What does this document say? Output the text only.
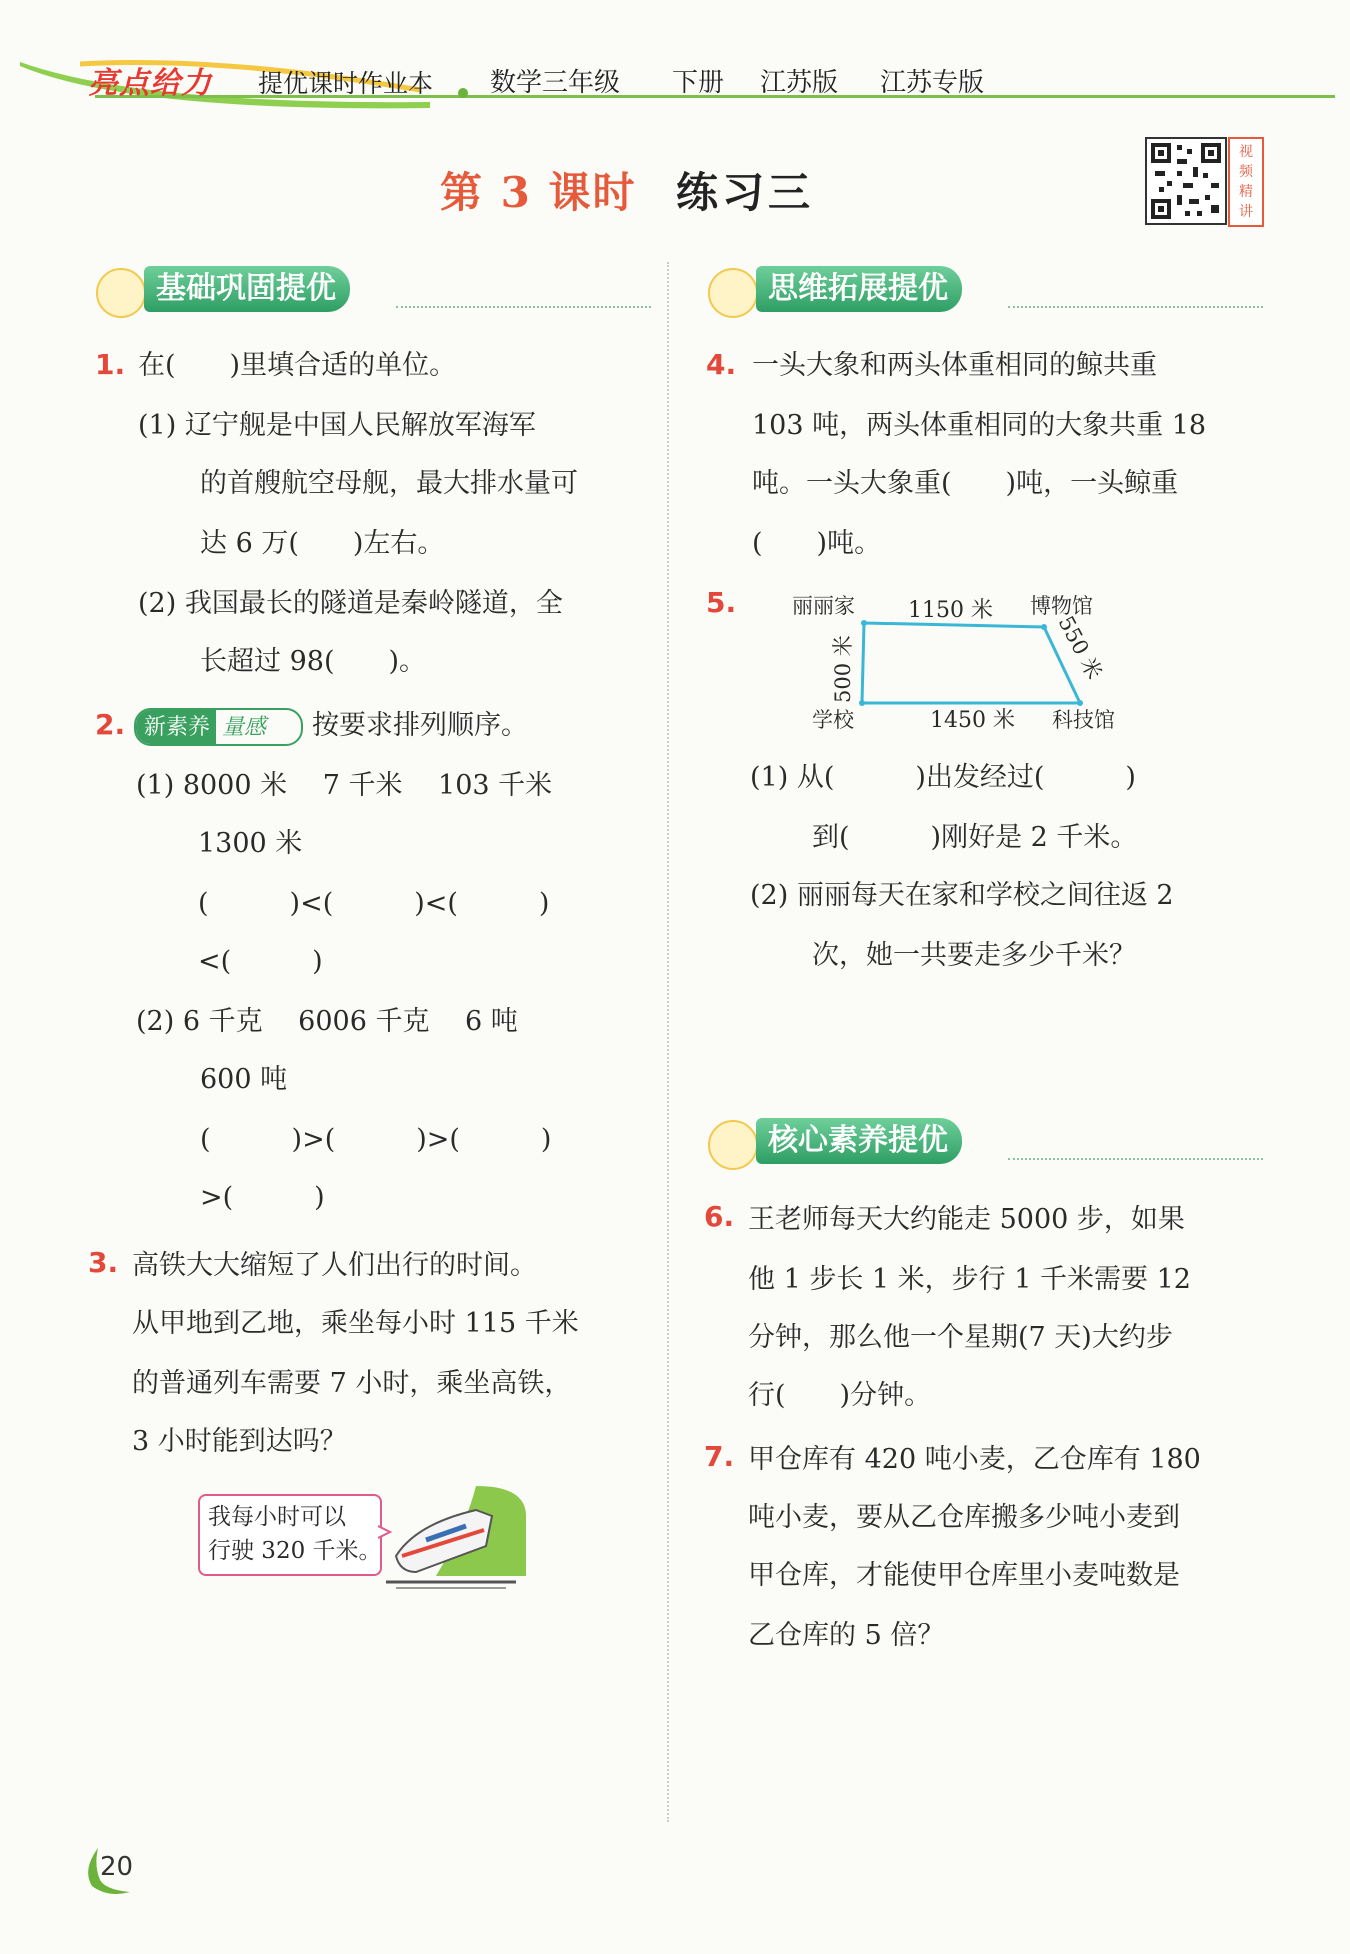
亮点给力 提优课时作业本 数学三年级 下册 江苏版 江苏专版
第 3 课时 练习三
视
频
精
讲
基础巩固提优	思维拓展提优
核心素养提优
1. 在(　　)里填合适的单位。
(1) 辽宁舰是中国人民解放军海军
的首艘航空母舰，最大排水量可
达 6 万(　　)左右。
(2) 我国最长的隧道是秦岭隧道，全
长超过 98(　　)。
2. 新素养 量感 按要求排列顺序。
(1) 8000 米　 7 千米　 103 千米
1300 米
(　　　)<(　　　)<(　　　)
<(　　　)
(2) 6 千克　 6006 千克　 6 吨
600 吨
(　　　)>(　　　)>(　　　)
>(　　　)
3. 高铁大大缩短了人们出行的时间。
从甲地到乙地，乘坐每小时 115 千米
的普通列车需要 7 小时，乘坐高铁，
3 小时能到达吗？
我每小时可以
行驶 320 千米。
4. 一头大象和两头体重相同的鲸共重
103 吨，两头体重相同的大象共重 18
吨。一头大象重(　　)吨，一头鲸重
(　　)吨。
5.	丽丽家 1150 米 博物馆
学校	1450 米 科技馆
500 米	550 米
(1) 从(　　　)出发经过(　　　)
到(　　　)刚好是 2 千米。
(2) 丽丽每天在家和学校之间往返 2
次，她一共要走多少千米？
6. 王老师每天大约能走 5000 步，如果
他 1 步长 1 米，步行 1 千米需要 12
分钟，那么他一个星期(7 天)大约步
行(　　)分钟。
7. 甲仓库有 420 吨小麦，乙仓库有 180
吨小麦，要从乙仓库搬多少吨小麦到
甲仓库，才能使甲仓库里小麦吨数是
乙仓库的 5 倍？
20
